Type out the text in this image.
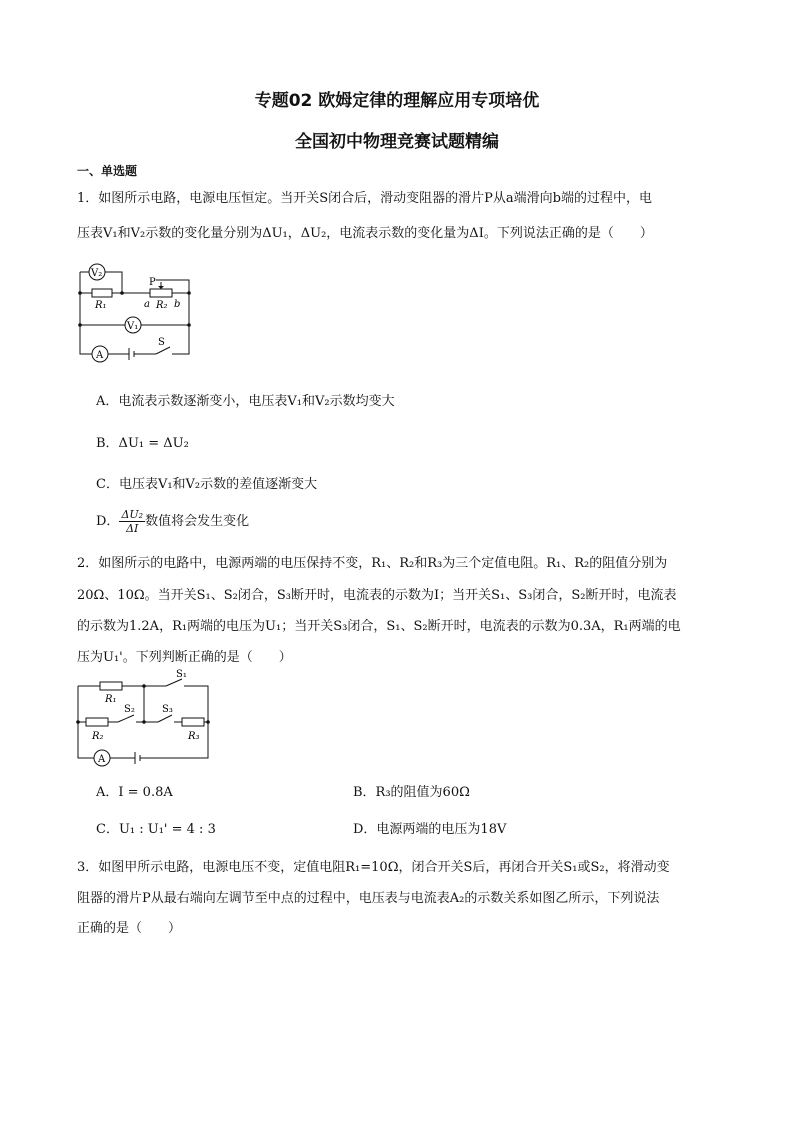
专题02 欧姆定律的理解应用专项培优
全国初中物理竞赛试题精编
一、单选题
1．如图所示电路，电源电压恒定。当开关S闭合后，滑动变阻器的滑片P从a端滑向b端的过程中，电
压表V₁和V₂示数的变化量分别为ΔU₁，ΔU₂，电流表示数的变化量为ΔI。下列说法正确的是（　　）
V₂
V₁
A
R₁	R₂
P
a b
S
A．电流表示数逐渐变小，电压表V₁和V₂示数均变大
B．ΔU₁ = ΔU₂
C．电压表V₁和V₂示数的差值逐渐变大
D． $\frac{\text{ΔU₂}}{\Delta I}$ 数值将会发生变化
2．如图所示的电路中，电源两端的电压保持不变，R₁、R₂和R₃为三个定值电阻。R₁、R₂的阻值分别为
20Ω、10Ω。当开关S₁、S₂闭合，S₃断开时，电流表的示数为I；当开关S₁、S₃闭合，S₂断开时，电流表
的示数为1.2A，R₁两端的电压为U₁；当开关S₃闭合，S₁、S₂断开时，电流表的示数为0.3A，R₁两端的电
压为U₁'。下列判断正确的是（　　）
A
R₁
R₂	R₃
S₁
S₂	S₃
A．I = 0.8A	B．R₃的阻值为60Ω
C．U₁ : U₁' = 4 : 3	D．电源两端的电压为18V
3．如图甲所示电路，电源电压不变，定值电阻R₁=10Ω，闭合开关S后，再闭合开关S₁或S₂，将滑动变
阻器的滑片P从最右端向左调节至中点的过程中，电压表与电流表A₂的示数关系如图乙所示，下列说法
正确的是（　　）
